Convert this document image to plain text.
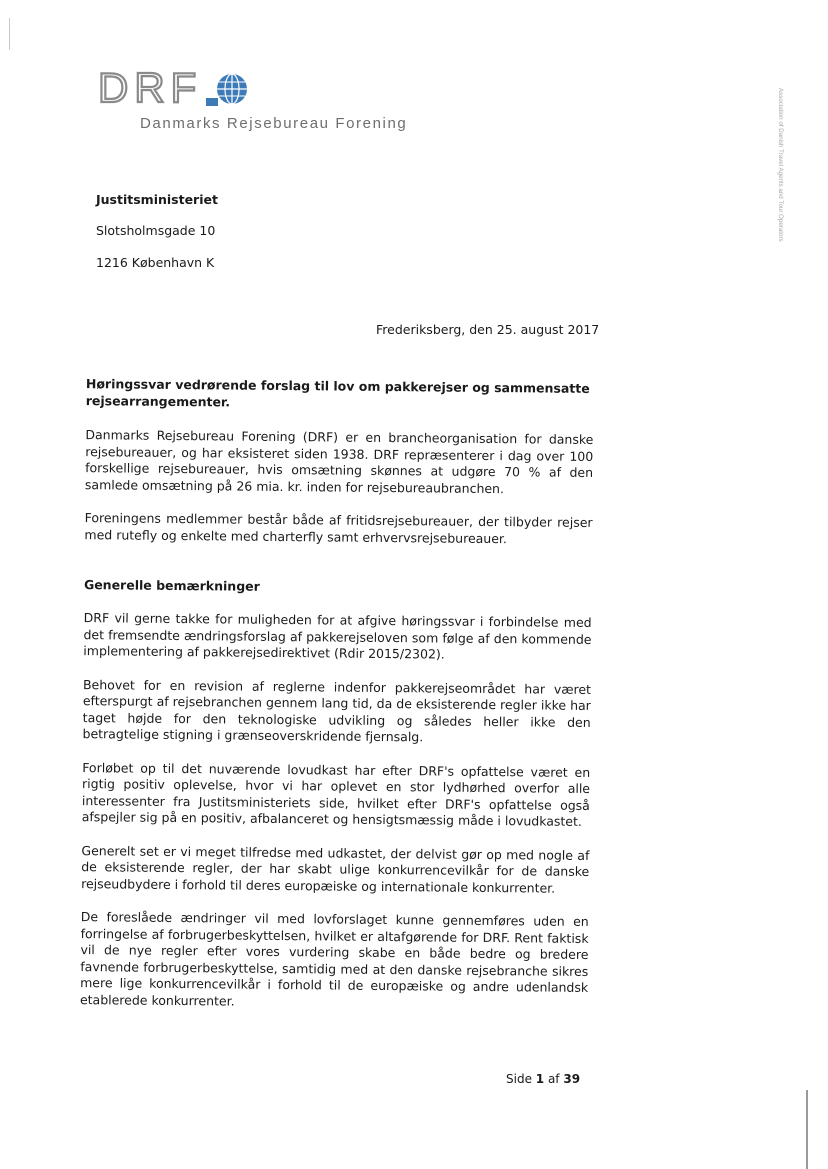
DRF
Danmarks Rejsebureau Forening	Association of Danish Travel Agents and Tour Operators
Justitsministeriet
Slotsholmsgade 10
1216 København K
Frederiksberg, den 25. august 2017
Høringssvar vedrørende forslag til lov om pakkerejser og sammensatte rejsearrangementer.
Danmarks Rejsebureau Forening (DRF) er en brancheorganisation for danske rejsebureauer, og har eksisteret siden 1938. DRF repræsenterer i dag over 100 forskellige rejsebureauer, hvis omsætning skønnes at udgøre 70 % af den samlede omsætning på 26 mia. kr. inden for rejsebureaubranchen.
Foreningens medlemmer består både af fritidsrejsebureauer, der tilbyder rejser med rutefly og enkelte med charterfly samt erhvervsrejsebureauer.
Generelle bemærkninger
DRF vil gerne takke for muligheden for at afgive høringssvar i forbindelse med det fremsendte ændringsforslag af pakkerejseloven som følge af den kommende implementering af pakkerejsedirektivet (Rdir 2015/2302).
Behovet for en revision af reglerne indenfor pakkerejseområdet har været efterspurgt af rejsebranchen gennem lang tid, da de eksisterende regler ikke har taget højde for den teknologiske udvikling og således heller ikke den betragtelige stigning i grænseoverskridende fjernsalg.
Forløbet op til det nuværende lovudkast har efter DRF's opfattelse været en rigtig positiv oplevelse, hvor vi har oplevet en stor lydhørhed overfor alle interessenter fra Justitsministeriets side, hvilket efter DRF's opfattelse også afspejler sig på en positiv, afbalanceret og hensigtsmæssig måde i lovudkastet.
Generelt set er vi meget tilfredse med udkastet, der delvist gør op med nogle af de eksisterende regler, der har skabt ulige konkurrencevilkår for de danske rejseudbydere i forhold til deres europæiske og internationale konkurrenter.
De foreslåede ændringer vil med lovforslaget kunne gennemføres uden en forringelse af forbrugerbeskyttelsen, hvilket er altafgørende for DRF. Rent faktisk vil de nye regler efter vores vurdering skabe en både bedre og bredere favnende forbrugerbeskyttelse, samtidig med at den danske rejsebranche sikres mere lige konkurrencevilkår i forhold til de europæiske og andre udenlandsk etablerede konkurrenter.
Side 1 af 39
